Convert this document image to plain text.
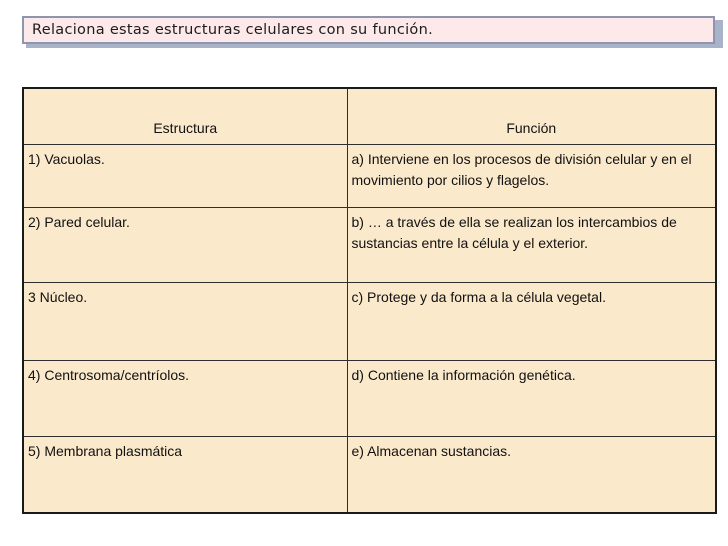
Relaciona estas estructuras celulares con su función.
Estructura	Función
1) Vacuolas.	a) Interviene en los procesos de división celular y en el movimiento por cilios y flagelos.
2) Pared celular.	b) … a través de ella se realizan los intercambios de sustancias entre la célula y el exterior.
3 Núcleo.	c) Protege y da forma a la célula vegetal.
4) Centrosoma/centríolos.	d) Contiene la información genética.
5) Membrana plasmática	e) Almacenan sustancias.
